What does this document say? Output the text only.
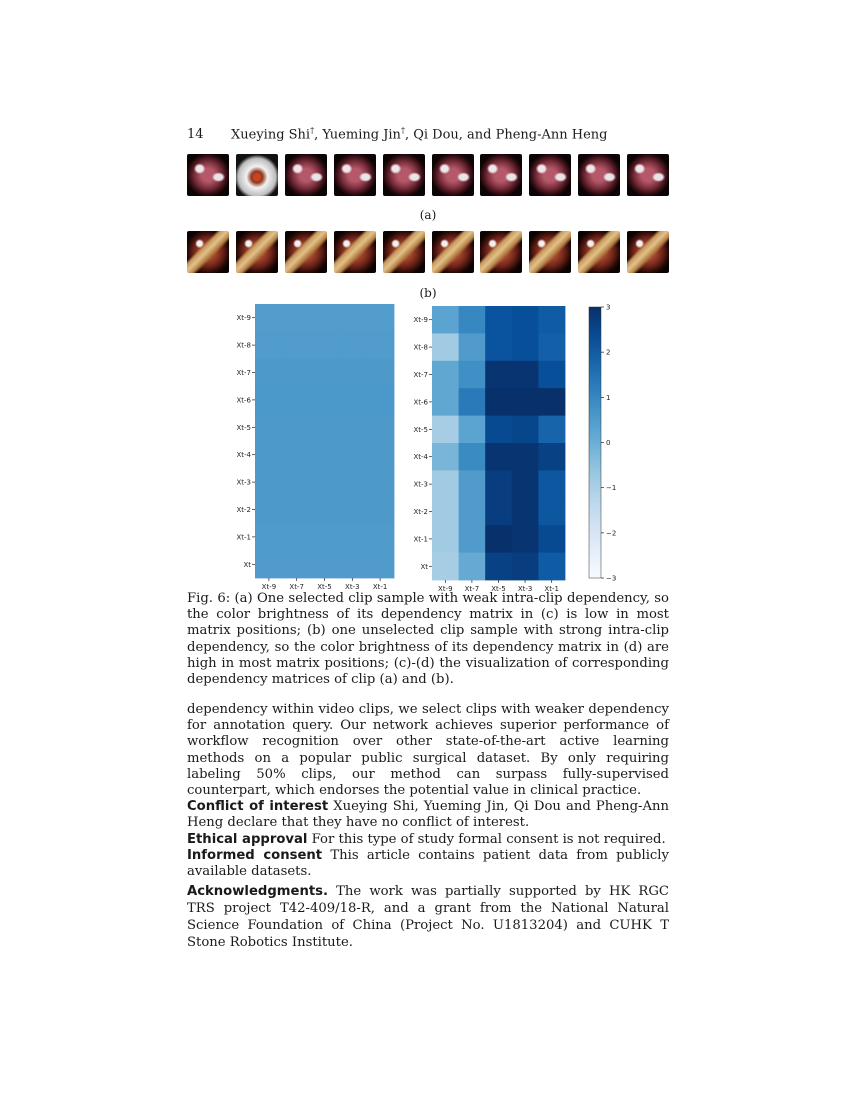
14 Xueying Shi†, Yueming Jin†, Qi Dou, and Pheng-Ann Heng
(a)
(b)
Xt-9
Xt-8
Xt-7
Xt-6
Xt-5
Xt-4
Xt-3
Xt-2
Xt-1
Xt
Xt-9 Xt-7 Xt-5 Xt-3 Xt-1
Xt-9
Xt-8
Xt-7
Xt-6
Xt-5
Xt-4
Xt-3
Xt-2
Xt-1
Xt
Xt-9 Xt-7 Xt-5 Xt-3 Xt-1
3
2
1
0
−1
−2
−3
Fig. 6: (a) One selected clip sample with weak intra-clip dependency, so the color brightness of its dependency matrix in (c) is low in most matrix positions; (b) one unselected clip sample with strong intra-clip dependency, so the color brightness of its dependency matrix in (d) are high in most matrix positions; (c)-(d) the visualization of corresponding dependency matrices of clip (a) and (b).

dependency within video clips, we select clips with weaker dependency for annotation query. Our network achieves superior performance of workflow recognition over other state-of-the-art active learning methods on a popular public surgical dataset. By only requiring labeling 50% clips, our method can surpass fully-supervised counterpart, which endorses the potential value in clinical practice.

Conflict of interest Xueying Shi, Yueming Jin, Qi Dou and Pheng-Ann Heng declare that they have no conflict of interest.

Ethical approval For this type of study formal consent is not required.

Informed consent This article contains patient data from publicly available datasets.

Acknowledgments. The work was partially supported by HK RGC TRS project T42-409/18-R, and a grant from the National Natural Science Foundation of China (Project No. U1813204) and CUHK T Stone Robotics Institute.
